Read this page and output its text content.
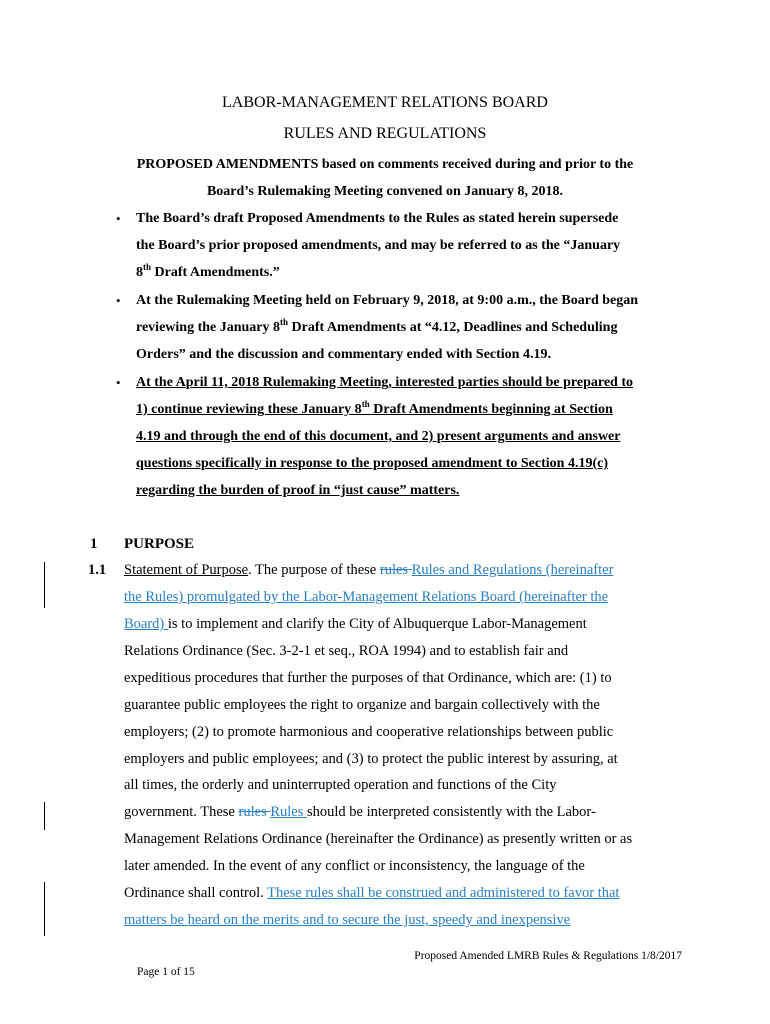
LABOR-MANAGEMENT RELATIONS BOARD
RULES AND REGULATIONS
PROPOSED AMENDMENTS based on comments received during and prior to the
Board’s Rulemaking Meeting convened on January 8, 2018.
• The Board’s draft Proposed Amendments to the Rules as stated herein supersede
the Board’s prior proposed amendments, and may be referred to as the “January
8th Draft Amendments.”
• At the Rulemaking Meeting held on February 9, 2018, at 9:00 a.m., the Board began
reviewing the January 8th Draft Amendments at “4.12, Deadlines and Scheduling
Orders” and the discussion and commentary ended with Section 4.19.
• At the April 11, 2018 Rulemaking Meeting, interested parties should be prepared to
1) continue reviewing these January 8th Draft Amendments beginning at Section
4.19 and through the end of this document, and 2) present arguments and answer
questions specifically in response to the proposed amendment to Section 4.19(c)
regarding the burden of proof in “just cause” matters.
1 PURPOSE
1.1 Statement of Purpose. The purpose of these rules Rules and Regulations (hereinafter
the Rules) promulgated by the Labor-Management Relations Board (hereinafter the
Board) is to implement and clarify the City of Albuquerque Labor-Management
Relations Ordinance (Sec. 3-2-1 et seq., ROA 1994) and to establish fair and
expeditious procedures that further the purposes of that Ordinance, which are: (1) to
guarantee public employees the right to organize and bargain collectively with the
employers; (2) to promote harmonious and cooperative relationships between public
employers and public employees; and (3) to protect the public interest by assuring, at
all times, the orderly and uninterrupted operation and functions of the City
government. These rules Rules should be interpreted consistently with the Labor-
Management Relations Ordinance (hereinafter the Ordinance) as presently written or as
later amended. In the event of any conflict or inconsistency, the language of the
Ordinance shall control. These rules shall be construed and administered to favor that
matters be heard on the merits and to secure the just, speedy and inexpensive
Proposed Amended LMRB Rules & Regulations 1/8/2017
Page 1 of 15
